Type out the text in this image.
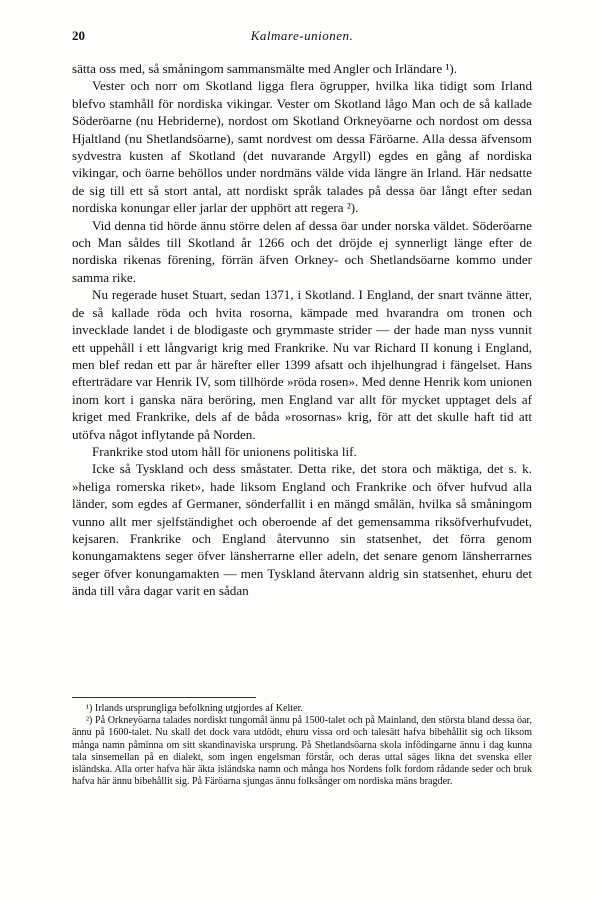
20	Kalmare-unionen.

sätta oss med, så småningom sammansmälte med Angler och Irländare ¹).

Vester och norr om Skotland ligga flera ögrupper, hvilka lika tidigt som Irland blefvo stamhåll för nordiska vikingar. Vester om Skotland lågo Man och de så kallade Söderöarne (nu Hebriderne), nordost om Skotland Orkneyöarne och nordost om dessa Hjaltland (nu Shetlandsöarne), samt nordvest om dessa Färöarne. Alla dessa äfvensom sydvestra kusten af Skotland (det nuvarande Argyll) egdes en gång af nordiska vikingar, och öarne behöllos under nordmäns välde vida längre än Irland. Här nedsatte de sig till ett så stort antal, att nordiskt språk talades på dessa öar långt efter sedan nordiska konungar eller jarlar der upphört att regera ²).

Vid denna tid hörde ännu större delen af dessa öar under norska väldet. Söderöarne och Man såldes till Skotland år 1266 och det dröjde ej synnerligt länge efter de nordiska rikenas förening, förrän äfven Orkney- och Shetlandsöarne kommo under samma rike.

Nu regerade huset Stuart, sedan 1371, i Skotland. I England, der snart tvänne ätter, de så kallade röda och hvita rosorna, kämpade med hvarandra om tronen och invecklade landet i de blodigaste och grymmaste strider — der hade man nyss vunnit ett uppehåll i ett långvarigt krig med Frankrike. Nu var Richard II konung i England, men blef redan ett par år härefter eller 1399 afsatt och ihjelhungrad i fängelset. Hans efterträdare var Henrik IV, som tillhörde »röda rosen». Med denne Henrik kom unionen inom kort i ganska nära beröring, men England var allt för mycket upptaget dels af kriget med Frankrike, dels af de båda »rosornas» krig, för att det skulle haft tid att utöfva något inflytande på Norden.

Frankrike stod utom håll för unionens politiska lif.

Icke så Tyskland och dess småstater. Detta rike, det stora och mäktiga, det s. k. »heliga romerska riket», hade liksom England och Frankrike och öfver hufvud alla länder, som egdes af Germaner, sönderfallit i en mängd smålän, hvilka så småningom vunno allt mer sjelfständighet och oberoende af det gemensamma riksöfverhufvudet, kejsaren. Frankrike och England återvunno sin statsenhet, det förra genom konungamaktens seger öfver länsherrarne eller adeln, det senare genom länsherrarnes seger öfver konungamakten — men Tyskland återvann aldrig sin statsenhet, ehuru det ända till våra dagar varit en sådan

¹) Irlands ursprungliga befolkning utgjordes af Kelter.

²) På Orkneyöarna talades nordiskt tungomål ännu på 1500-talet och på Mainland, den största bland dessa öar, ännu på 1600-talet. Nu skall det dock vara utdödt, ehuru vissa ord och talesätt hafva bibehållit sig och liksom många namn påminna om sitt skandinaviska ursprung. På Shetlandsöarna skola infödingarne ännu i dag kunna tala sinsemellan på en dialekt, som ingen engelsman förstår, och deras uttal säges likna det svenska eller isländska. Alla orter hafva här äkta isländska namn och många hos Nordens folk fordom rådande seder och bruk hafva här ännu bibehållit sig. På Färöarna sjungas ännu folksånger om nordiska mäns bragder.
